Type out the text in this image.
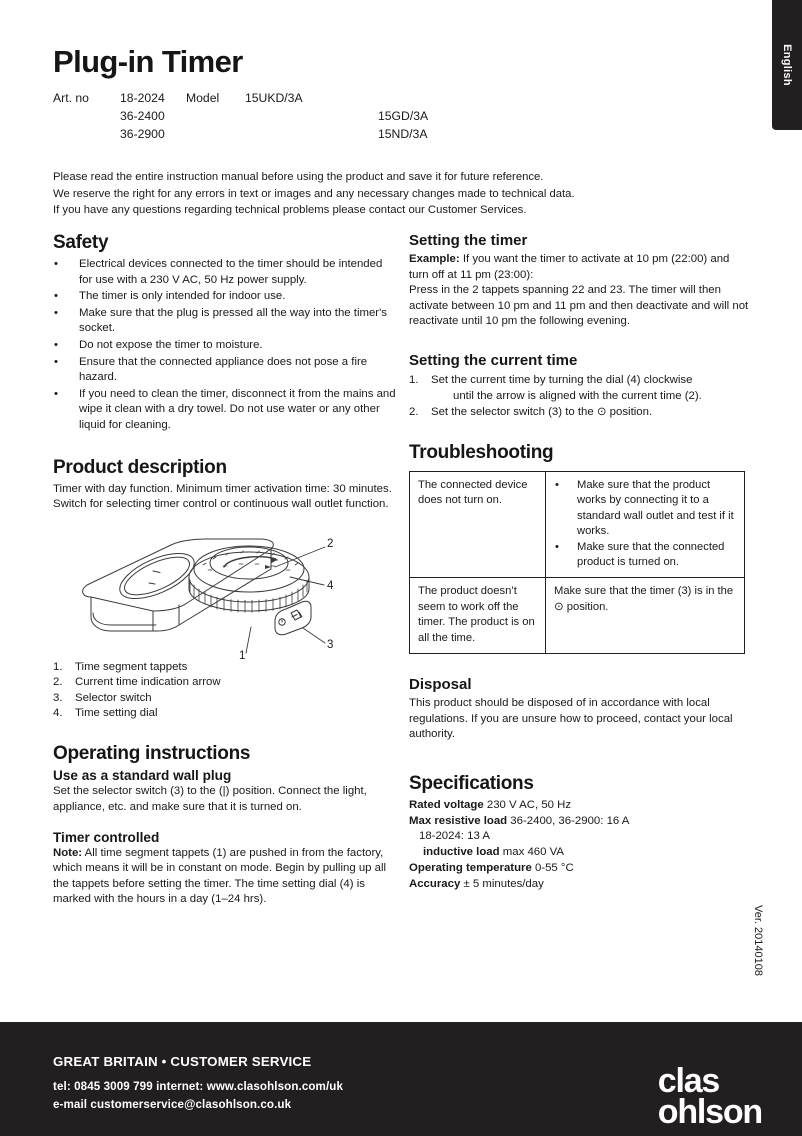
English
Ver. 20140108
Plug-in Timer
Art. no	18-2024 Model 15UKD/3A
36-2400	15GD/3A
36-2900	15ND/3A
Please read the entire instruction manual before using the product and save it for future reference.
We reserve the right for any errors in text or images and any necessary changes made to technical data.
If you have any questions regarding technical problems please contact our Customer Services.
Safety
• Electrical devices connected to the timer should be intended for use with a 230 V AC, 50 Hz power supply.
• The timer is only intended for indoor use.
• Make sure that the plug is pressed all the way into the timer's socket.
• Do not expose the timer to moisture.
• Ensure that the connected appliance does not pose a fire hazard.
• If you need to clean the timer, disconnect it from the mains and wipe it clean with a dry towel. Do not use water or any other liquid for cleaning.
Product description

Timer with day function. Minimum timer activation time: 30 minutes. Switch for selecting timer control or continuous wall outlet function.

1
2
3
4
1. Time segment tappets
2. Current time indication arrow
3. Selector switch
4. Time setting dial
Operating instructions
Use as a standard wall plug

Set the selector switch (3) to the (|) position. Connect the light, appliance, etc. and make sure that it is turned on.

Timer controlled

Note: All time segment tappets (1) are pushed in from the factory, which means it will be in constant on mode. Begin by pulling up all the tappets before setting the timer. The time setting dial (4) is marked with the hours in a day (1–24 hrs).

Setting the timer

Example: If you want the timer to activate at 10 pm (22:00) and turn off at 11 pm (23:00):

Press in the 2 tappets spanning 22 and 23. The timer will then activate between 10 pm and 11 pm and then deactivate and will not reactivate until 10 pm the following evening.

Setting the current time
1. Set the current time by turning the dial (4) clockwise
until the arrow is aligned with the current time (2).
2. Set the selector switch (3) to the ⊙ position.
Troubleshooting
The connected device does not turn on.	
• Make sure that the product works by connecting it to a standard wall outlet and test if it works.
• Make sure that the connected product is turned on.

The product doesn’t seem to work off the timer. The product is on all the time.	Make sure that the timer (3) is in the ⊙ position.
Disposal

This product should be disposed of in accordance with local regulations. If you are unsure how to proceed, contact your local authority.

Specifications
Rated voltage 230 V AC, 50 Hz
Max resistive load 36-2400, 36-2900: 16 A
18-2024: 13 A
inductive load max 460 VA
Operating temperature 0-55 °C
Accuracy ± 5 minutes/day
GREAT BRITAIN • CUSTOMER SERVICE
tel: 0845 3009 799 internet: www.clasohlson.com/uk
e-mail customerservice@clasohlson.co.uk
clas
ohlson
